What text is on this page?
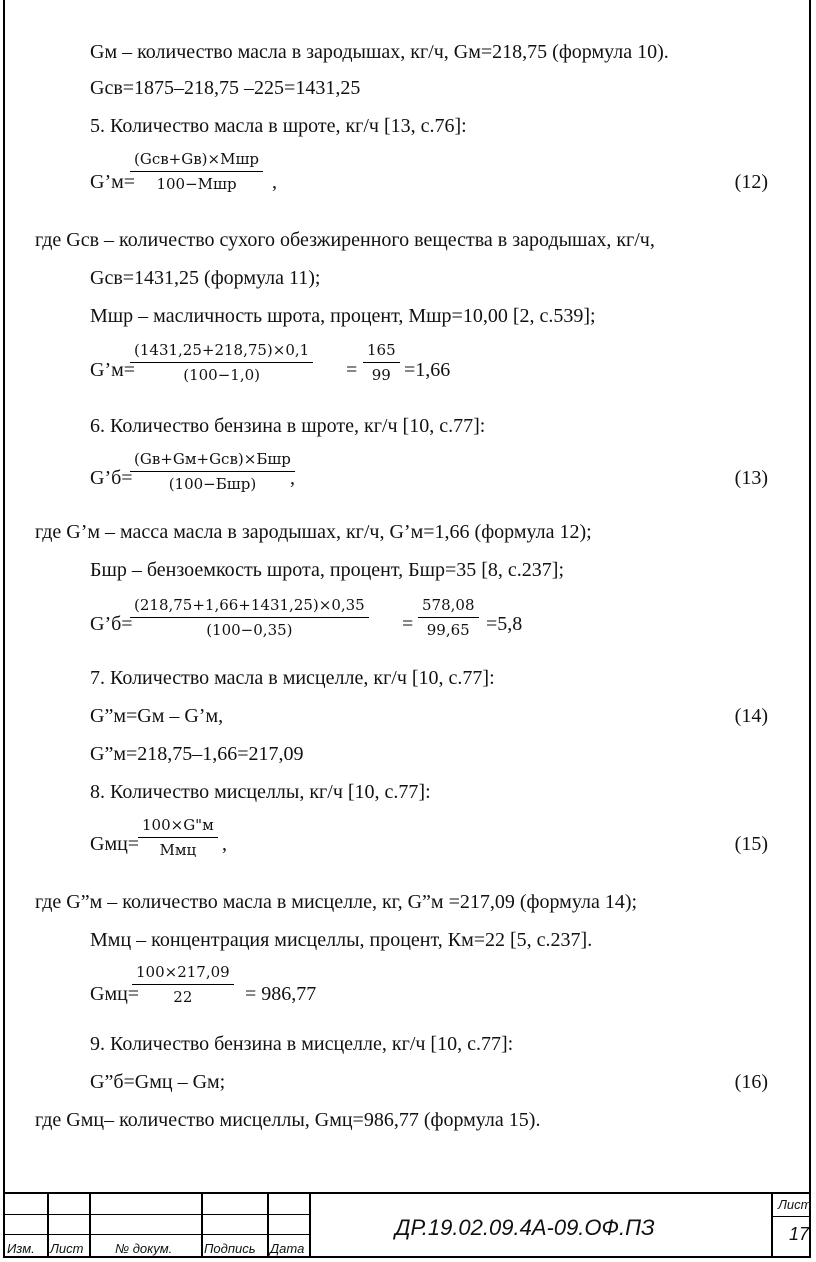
Gм – количество масла в зародышах, кг/ч, Gм=218,75 (формула 10).
Gсв=1875–218,75 –225=1431,25
5. Количество масла в шроте, кг/ч [13, с.76]:
G’м=
(Gсв+Gв)×Мшр
100−Мшр	,	(12)
где Gсв – количество сухого обезжиренного вещества в зародышах, кг/ч,
Gсв=1431,25 (формула 11);
Мшр – масличность шрота, процент, Мшр=10,00 [2, с.539];
G’м=
$\frac{(1431,25+218,75)\times 0,1}{(100-1,0)} = \frac{165}{99} =1,66$
6. Количество бензина в шроте, кг/ч [10, с.77]:
G’б=
(Gв+Gм+Gсв)×Бшр
(100−Бшр)	,	(13)
где G’м – масса масла в зародышах, кг/ч, G’м=1,66 (формула 12);
Бшр – бензоемкость шрота, процент, Бшр=35 [8, с.237];
G’б=
$\frac{(218,75+1,66+1431,25)\times 0,35}{(100-0,35)} = \frac{578,08}{99,65} =5,8$
7. Количество масла в мисцелле, кг/ч [10, с.77]:
G”м=Gм – G’м,	(14)
G”м=218,75–1,66=217,09
8. Количество мисцеллы, кг/ч [10, с.77]:
Gмц=
100×G"м
Ммц	,	(15)
где G”м – количество масла в мисцелле, кг, G”м =217,09 (формула 14);
Ммц – концентрация мисцеллы, процент, Км=22 [5, с.237].
Gмц=
$\frac{100\times 217,09}{22} = 986,77$
9. Количество бензина в мисцелле, кг/ч [10, с.77]:
G”б=Gмц – Gм;	(16)
где Gмц– количество мисцеллы, Gмц=986,77 (формула 15).
Изм. Лист № докум. Подпись Дата
ДР.19.02.09.4А-09.ОФ.ПЗ
Лист
17
